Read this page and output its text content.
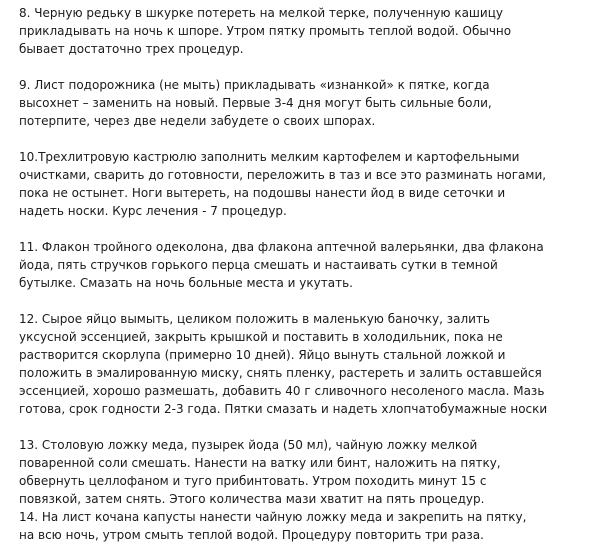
8. Черную редьку в шкурке потереть на мелкой терке, полученную кашицу
прикладывать на ночь к шпоре. Утром пятку промыть теплой водой. Обычно
бывает достаточно трех процедур.
9. Лист подорожника (не мыть) прикладывать «изнанкой» к пятке, когда
высохнет – заменить на новый. Первые 3-4 дня могут быть сильные боли,
потерпите, через две недели забудете о своих шпорах.
10.Трехлитровую кастрюлю заполнить мелким картофелем и картофельными
очистками, сварить до готовности, переложить в таз и все это разминать ногами,
пока не остынет. Ноги вытереть, на подошвы нанести йод в виде сеточки и
надеть носки. Курс лечения - 7 процедур.
11. Флакон тройного одеколона, два флакона аптечной валерьянки, два флакона
йода, пять стручков горького перца смешать и настаивать сутки в темной
бутылке. Смазать на ночь больные места и укутать.
12. Сырое яйцо вымыть, целиком положить в маленькую баночку, залить
уксусной эссенцией, закрыть крышкой и поставить в холодильник, пока не
растворится скорлупа (примерно 10 дней). Яйцо вынуть стальной ложкой и
положить в эмалированную миску, снять пленку, растереть и залить оставшейся
эссенцией, хорошо размешать, добавить 40 г сливочного несоленого масла. Мазь
готова, срок годности 2-3 года. Пятки смазать и надеть хлопчатобумажные носки
13. Столовую ложку меда, пузырек йода (50 мл), чайную ложку мелкой
поваренной соли смешать. Нанести на ватку или бинт, наложить на пятку,
обвернуть целлофаном и туго прибинтовать. Утром походить минут 15 с
повязкой, затем снять. Этого количества мази хватит на пять процедур.
14. На лист кочана капусты нанести чайную ложку меда и закрепить на пятку,
на всю ночь, утром смыть теплой водой. Процедуру повторить три раза.
